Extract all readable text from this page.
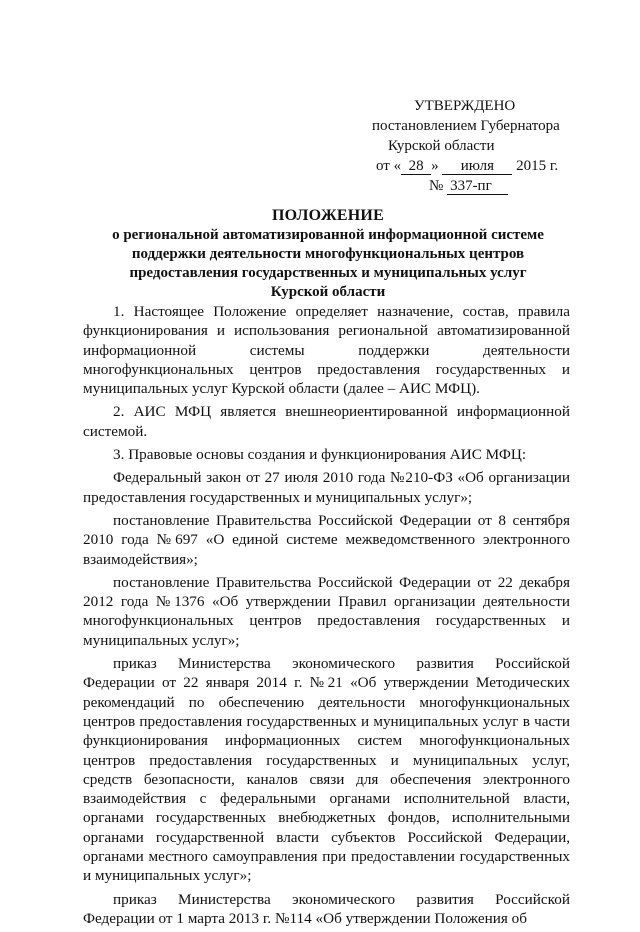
УТВЕРЖДЕНО
постановлением Губернатора
Курской области
от « 28 » июля 2015 г.
№ 337-пг
ПОЛОЖЕНИЕ
о региональной автоматизированной информационной системе
поддержки деятельности многофункциональных центров
предоставления государственных и муниципальных услуг
Курской области

1. Настоящее Положение определяет назначение, состав, правила функционирования и использования региональной автоматизированной информационной системы поддержки деятельности многофункциональных центров предоставления государственных и муниципальных услуг Курской области (далее – АИС МФЦ).

2. АИС МФЦ является внешнеориентированной информационной системой.

3. Правовые основы создания и функционирования АИС МФЦ:

Федеральный закон от 27 июля 2010 года №210-ФЗ «Об организации предоставления государственных и муниципальных услуг»;

постановление Правительства Российской Федерации от 8 сентября 2010 года №697 «О единой системе межведомственного электронного взаимодействия»;

постановление Правительства Российской Федерации от 22 декабря 2012 года №1376 «Об утверждении Правил организации деятельности многофункциональных центров предоставления государственных и муниципальных услуг»;

приказ Министерства экономического развития Российской Федерации от 22 января 2014 г. №21 «Об утверждении Методических рекомендаций по обеспечению деятельности многофункциональных центров предоставления государственных и муниципальных услуг в части функционирования информационных систем многофункциональных центров предоставления государственных и муниципальных услуг, средств безопасности, каналов связи для обеспечения электронного взаимодействия с федеральными органами исполнительной власти, органами государственных внебюджетных фондов, исполнительными органами государственной власти субъектов Российской Федерации, органами местного самоуправления при предоставлении государственных и муниципальных услуг»;

приказ Министерства экономического развития Российской Федерации от 1 марта 2013 г. №114 «Об утверждении Положения об
